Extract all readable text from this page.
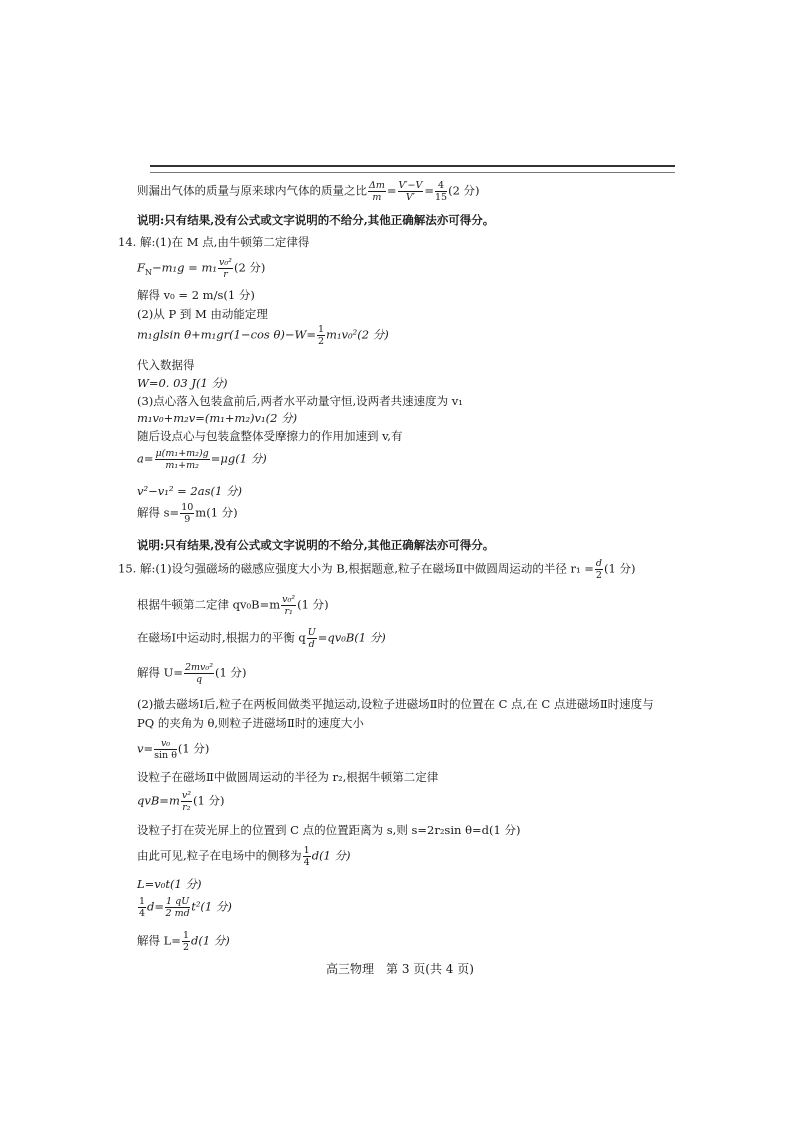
则漏出气体的质量与原来球内气体的质量之比 $\frac{\Delta m}{m} = \frac{V'-V}{V'} = \frac{4}{15} (2$ 分)
说明:只有结果,没有公式或文字说明的不给分,其他正确解法亦可得分。
14. 解:(1)在 M 点,由牛顿第二定律得
$F_N-m_1g = m_1 \frac{\text{v₀²}}{r} (2$ 分)
解得 v₀ = 2 m/s(1 分)
(2)从 P 到 M 由动能定理
m₁glsin θ+m₁gr(1−cos $\theta)-W= \frac{1}{2} m_1v_0^2(2$ 分)
代入数据得
W=0. 03 J(1 分)
(3)点心落入包装盒前后,两者水平动量守恒,设两者共速速度为 v₁
m₁v₀+m₂v=(m₁+m₂)v₁(2 分)
随后设点心与包装盒整体受摩擦力的作用加速到 v,有
$a= \frac{\text{μ(m₁+m₂)g}}{\text{m₁+m₂}} =\mu g(1$ 分)
v²−v₁² = 2as(1 分)
解得 $s= \frac{10}{9} m(1$ 分)
说明:只有结果,没有公式或文字说明的不给分,其他正确解法亦可得分。
15. 解:(1)设匀强磁场的磁感应强度大小为 B,根据题意,粒子在磁场Ⅱ中做圆周运动的半径 $r_1 = \frac{d}{2} (1$ 分)
根据牛顿第二定律 $qv_0B=m \frac{\text{v₀²}}{\text{r₁}} (1$ 分)
在磁场Ⅰ中运动时,根据力的平衡 q $\frac{U}{d} =qv_0B(1$ 分)
解得 $U= \frac{\text{2mv₀²}}{q} (1$ 分)
(2)撤去磁场Ⅰ后,粒子在两板间做类平抛运动,设粒子进磁场Ⅱ时的位置在 C 点,在 C 点进磁场Ⅱ时速度与
PQ 的夹角为 θ,则粒子进磁场Ⅱ时的速度大小
$v= \frac{\text{v₀}}{\text{sin θ}} (1$ 分)
设粒子在磁场Ⅱ中做圆周运动的半径为 r₂,根据牛顿第二定律
$qvB=m \frac{\text{v²}}{\text{r₂}} (1$ 分)
设粒子打在荧光屏上的位置到 C 点的位置距离为 s,则 s=2r₂sin θ=d(1 分)
由此可见,粒子在电场中的侧移为 $\frac{1}{4} d(1$ 分)
L=v₀t(1 分)
$\frac{1}{4} d= \frac{1 qU}{2 md} t^2(1$ 分)
解得 $L= \frac{1}{2} d(1$ 分)
高三物理　第 3 页(共 4 页)
